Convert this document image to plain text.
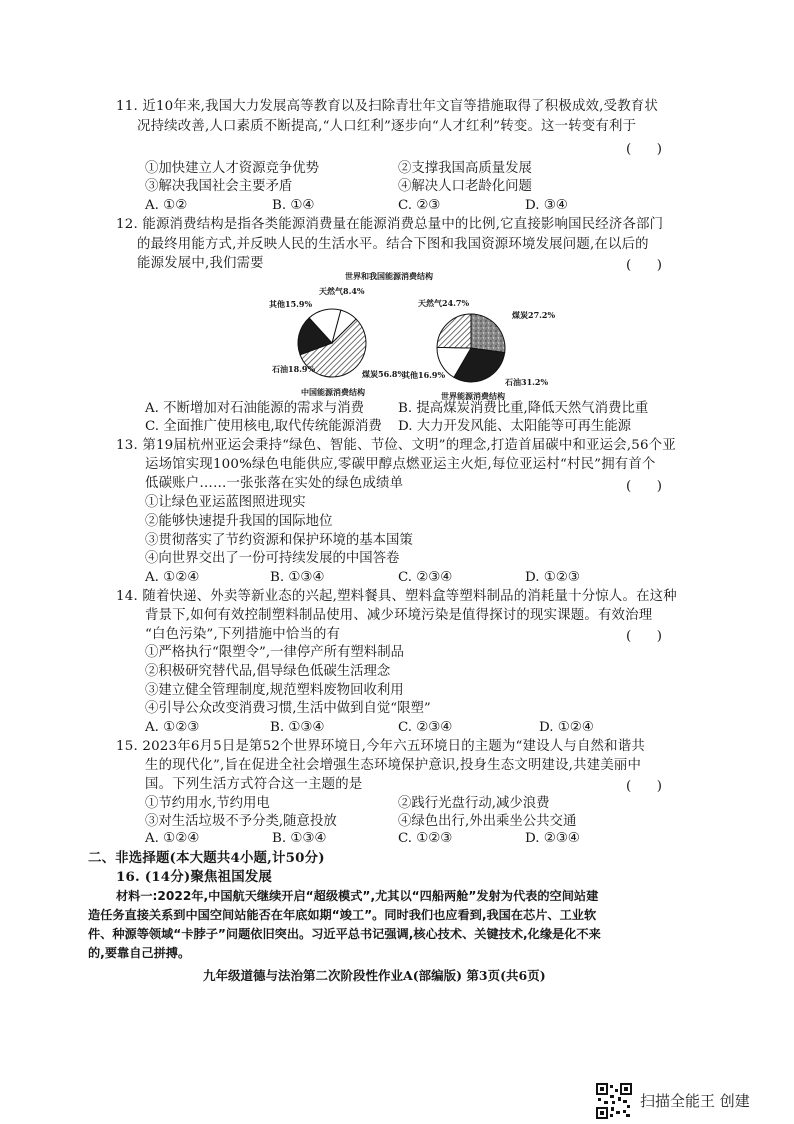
11. 近10年来,我国大力发展高等教育以及扫除青壮年文盲等措施取得了积极成效,受教育状
况持续改善,人口素质不断提高,“人口红利”逐步向“人才红利”转变。这一转变有利于
(      )
①加快建立人才资源竞争优势	②支撑我国高质量发展
③解决我国社会主要矛盾	④解决人口老龄化问题
A. ①②	B. ①④	C. ②③	D. ③④
12. 能源消费结构是指各类能源消费量在能源消费总量中的比例,它直接影响国民经济各部门
的最终用能方式,并反映人民的生活水平。结合下图和我国资源环境发展问题,在以后的
能源发展中,我们需要	(      )
世界和我国能源消费结构
天然气8.4%
其他15.9%
石油18.9%	煤炭56.8%
中国能源消费结构
天然气24.7%
煤炭27.2%
其他16.9%
石油31.2%
世界能源消费结构
A. 不断增加对石油能源的需求与消费	B. 提高煤炭消费比重,降低天然气消费比重
C. 全面推广使用核电,取代传统能源消费 D. 大力开发风能、太阳能等可再生能源
13. 第19届杭州亚运会秉持“绿色、智能、节俭、文明”的理念,打造首届碳中和亚运会,56个亚
运场馆实现100%绿色电能供应,零碳甲醇点燃亚运主火炬,每位亚运村“村民”拥有首个
低碳账户……一张张落在实处的绿色成绩单	(      )
①让绿色亚运蓝图照进现实
②能够快速提升我国的国际地位
③贯彻落实了节约资源和保护环境的基本国策
④向世界交出了一份可持续发展的中国答卷
A. ①②④	B. ①③④	C. ②③④	D. ①②③
14. 随着快递、外卖等新业态的兴起,塑料餐具、塑料盒等塑料制品的消耗量十分惊人。在这种
背景下,如何有效控制塑料制品使用、减少环境污染是值得探讨的现实课题。有效治理
“白色污染”,下列措施中恰当的有	(      )
①严格执行“限塑令”,一律停产所有塑料制品
②积极研究替代品,倡导绿色低碳生活理念
③建立健全管理制度,规范塑料废物回收利用
④引导公众改变消费习惯,生活中做到自觉“限塑”
A. ①②③	B. ①③④	C. ②③④	D. ①②④
15. 2023年6月5日是第52个世界环境日,今年六五环境日的主题为“建设人与自然和谐共
生的现代化”,旨在促进全社会增强生态环境保护意识,投身生态文明建设,共建美丽中
国。下列生活方式符合这一主题的是	(      )
①节约用水,节约用电	②践行光盘行动,减少浪费
③对生活垃圾不予分类,随意投放	④绿色出行,外出乘坐公共交通
A. ①②④	B. ①③④	C. ①②③	D. ②③④
二、非选择题(本大题共4小题,计50分)
16. (14分)聚焦祖国发展
材料一:2022年,中国航天继续开启“超级模式”,尤其以“四船两舱”发射为代表的空间站建
造任务直接关系到中国空间站能否在年底如期“竣工”。同时我们也应看到,我国在芯片、工业软
件、种源等领域“卡脖子”问题依旧突出。习近平总书记强调,核心技术、关键技术,化缘是化不来
的,要靠自己拼搏。
九年级道德与法治第二次阶段性作业A(部编版) 第3页(共6页)
扫描全能王 创建
